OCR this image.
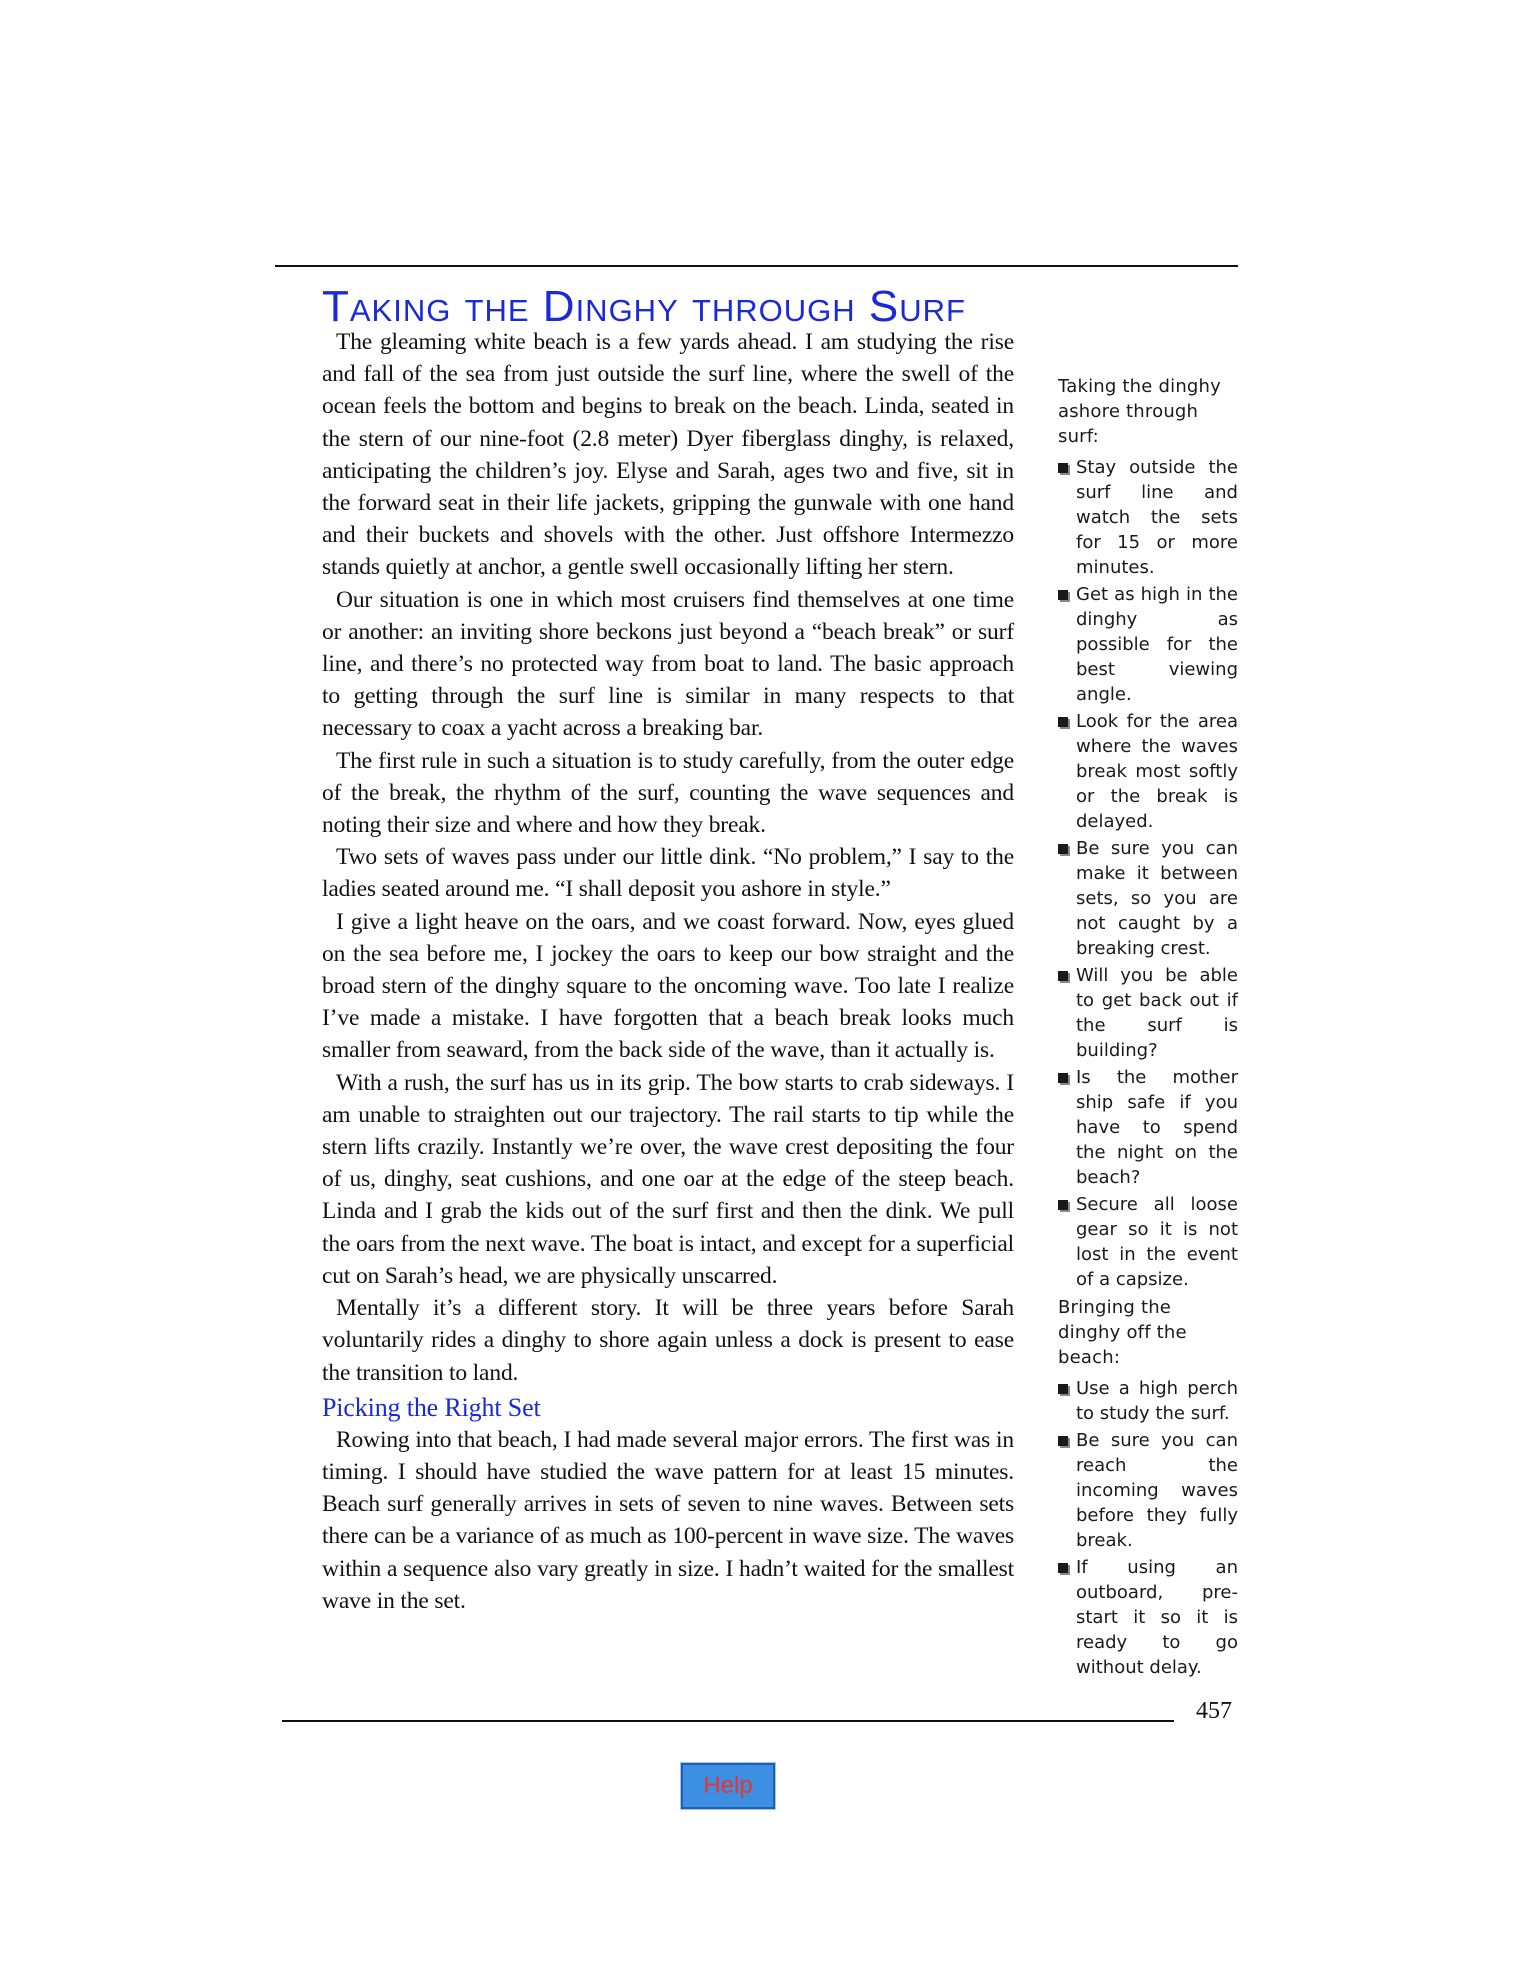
Taking the Dinghy through Surf

The gleaming white beach is a few yards ahead. I am studying the rise and fall of the sea from just outside the surf line, where the swell of the ocean feels the bottom and begins to break on the beach. Linda, seated in the stern of our nine-foot (2.8 meter) Dyer fiberglass dinghy, is relaxed, anticipating the children’s joy. Elyse and Sarah, ages two and five, sit in the forward seat in their life jackets, gripping the gunwale with one hand and their buckets and shovels with the other. Just offshore Intermezzo stands quietly at anchor, a gentle swell occasionally lifting her stern.

Our situation is one in which most cruisers find themselves at one time or another: an inviting shore beckons just beyond a “beach break” or surf line, and there’s no protected way from boat to land. The basic approach to getting through the surf line is similar in many respects to that necessary to coax a yacht across a breaking bar.

The first rule in such a situation is to study carefully, from the outer edge of the break, the rhythm of the surf, counting the wave sequences and noting their size and where and how they break.

Two sets of waves pass under our little dink. “No problem,” I say to the ladies seated around me. “I shall deposit you ashore in style.”

I give a light heave on the oars, and we coast forward. Now, eyes glued on the sea before me, I jockey the oars to keep our bow straight and the broad stern of the dinghy square to the oncoming wave. Too late I realize I’ve made a mistake. I have forgotten that a beach break looks much smaller from seaward, from the back side of the wave, than it actually is.

With a rush, the surf has us in its grip. The bow starts to crab sideways. I am unable to straighten out our trajectory. The rail starts to tip while the stern lifts crazily. Instantly we’re over, the wave crest depositing the four of us, dinghy, seat cushions, and one oar at the edge of the steep beach. Linda and I grab the kids out of the surf first and then the dink. We pull the oars from the next wave. The boat is intact, and except for a superficial cut on Sarah’s head, we are physically unscarred.

Mentally it’s a different story. It will be three years before Sarah voluntarily rides a dinghy to shore again unless a dock is present to ease the transition to land.

Picking the Right Set

Rowing into that beach, I had made several major errors. The first was in timing. I should have studied the wave pattern for at least 15 minutes. Beach surf generally arrives in sets of seven to nine waves. Between sets there can be a variance of as much as 100-percent in wave size. The waves within a sequence also vary greatly in size. I hadn’t waited for the smallest wave in the set.

Taking the dinghy ashore through surf:
Stay outside the surf line and watch the sets for 15 or more minutes.
Get as high in the dinghy as possible for the best viewing angle.
Look for the area where the waves break most softly or the break is delayed.
Be sure you can make it between sets, so you are not caught by a breaking crest.
Will you be able to get back out if the surf is building?
Is the mother ship safe if you have to spend the night on the beach?
Secure all loose gear so it is not lost in the event of a capsize.
Bringing the dinghy off the beach:
Use a high perch to study the surf.
Be sure you can reach the incoming waves before they fully break.
If using an outboard, pre-start it so it is ready to go without delay.
457
Help
